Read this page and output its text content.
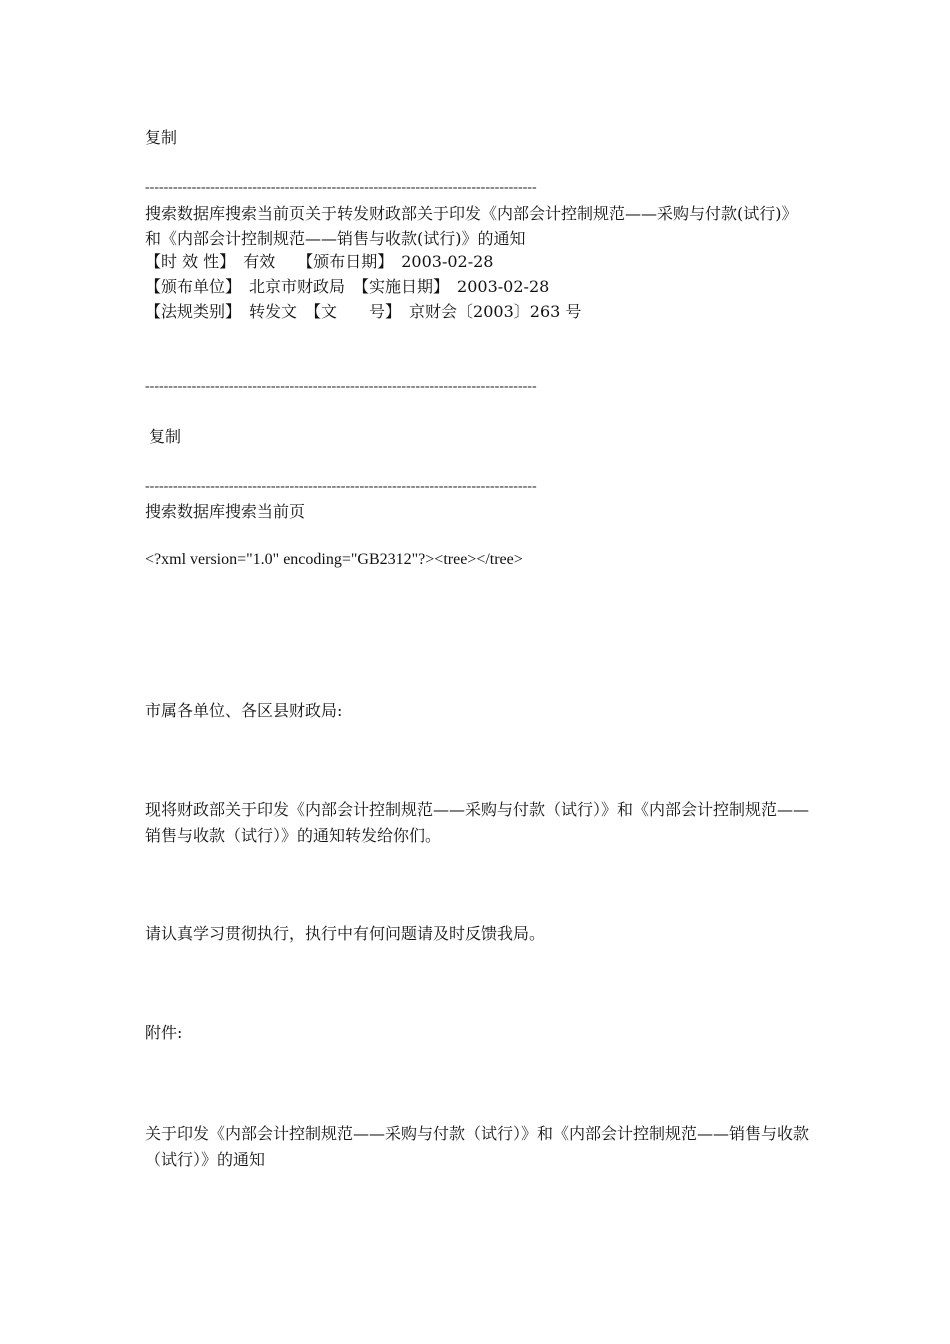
复制
------------------------------------------------------------------------------------
搜索数据库搜索当前页关于转发财政部关于印发《内部会计控制规范——采购与付款(试行)》和《内部会计控制规范——销售与收款(试行)》的通知
【时 效 性】 有效 【颁布日期】 2003-02-28
【颁布单位】 北京市财政局 【实施日期】 2003-02-28
【法规类别】 转发文 【文　　号】 京财会〔2003〕263 号
------------------------------------------------------------------------------------
复制
------------------------------------------------------------------------------------
搜索数据库搜索当前页
<?xml version="1.0" encoding="GB2312"?><tree></tree>
市属各单位、各区县财政局:
现将财政部关于印发《内部会计控制规范——采购与付款（试行）》和《内部会计控制规范——销售与收款（试行）》的通知转发给你们。
请认真学习贯彻执行，执行中有何问题请及时反馈我局。
附件:
关于印发《内部会计控制规范——采购与付款（试行）》和《内部会计控制规范——销售与收款（试行）》的通知
